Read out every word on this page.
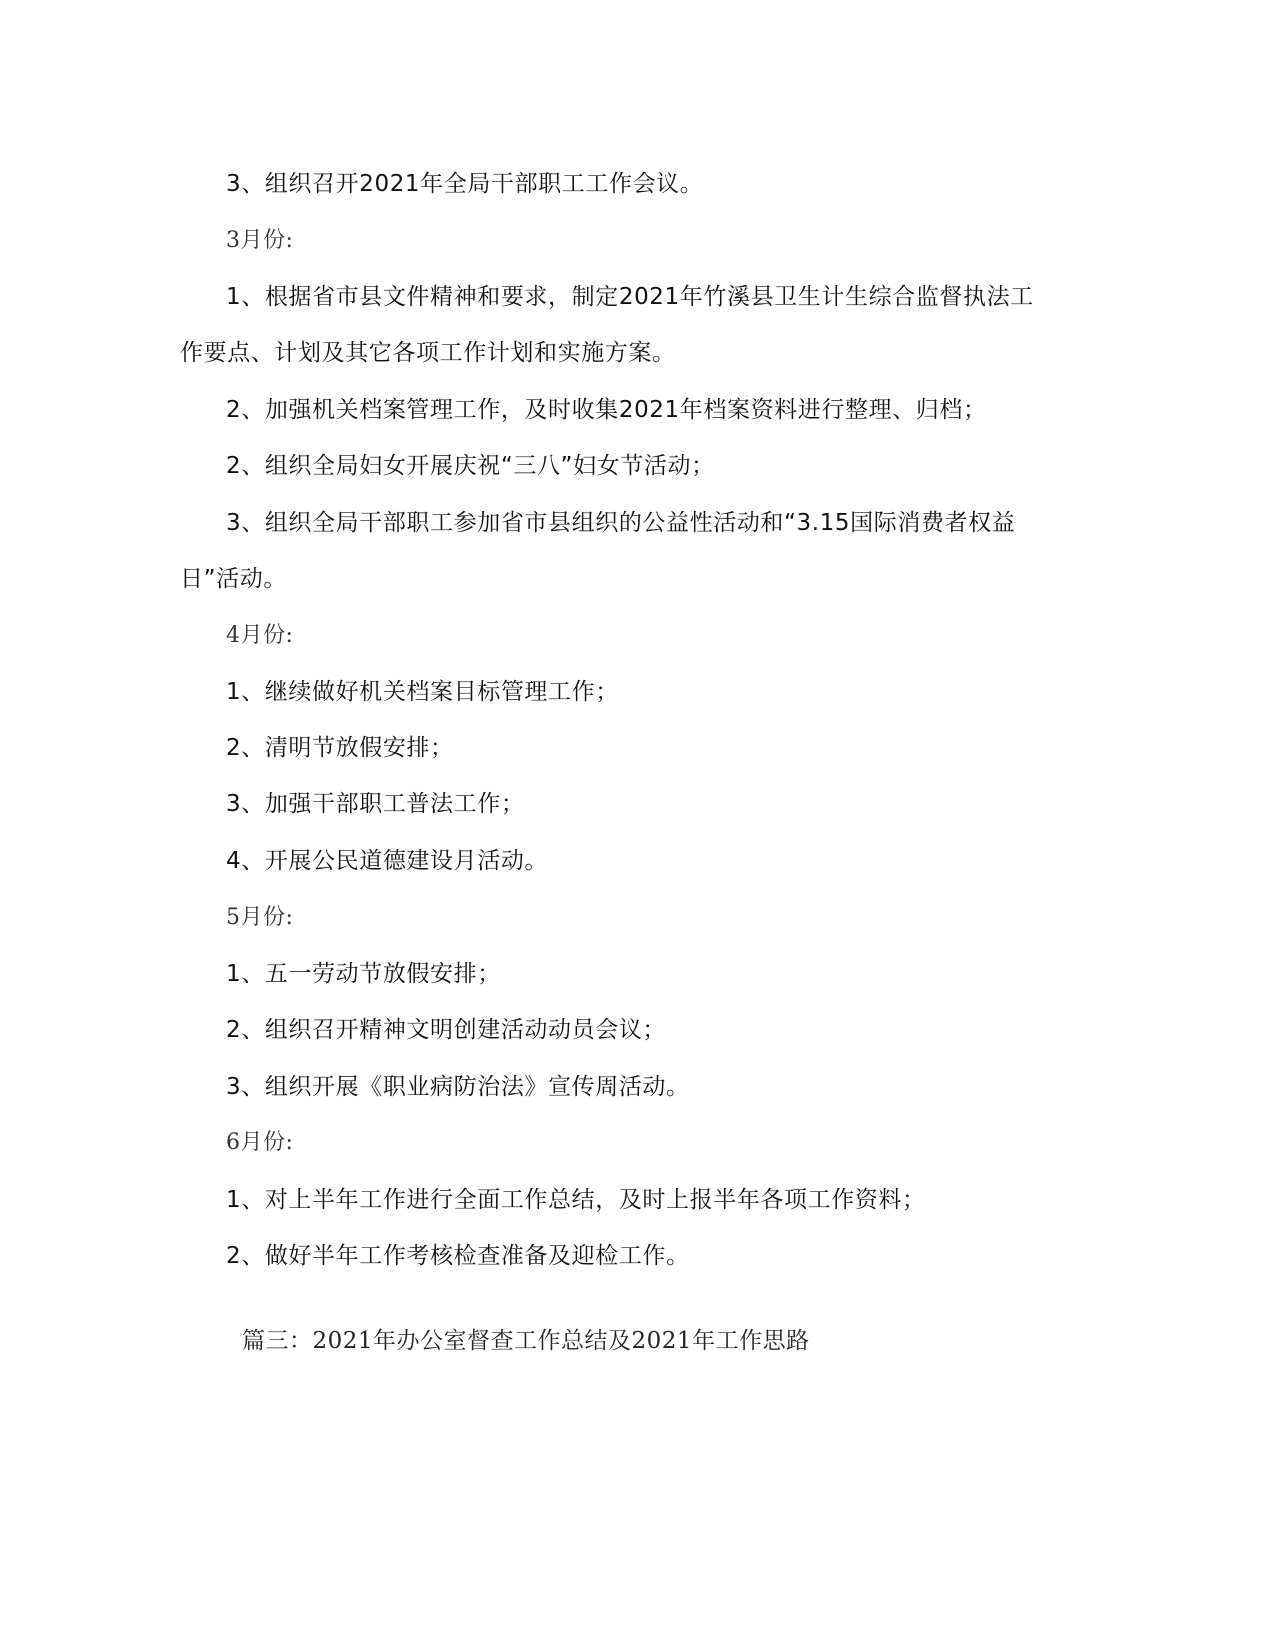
3、组织召开2021年全局干部职工工作会议。
3月份:
1、根据省市县文件精神和要求，制定2021年竹溪县卫生计生综合监督执法工
作要点、计划及其它各项工作计划和实施方案。
2、加强机关档案管理工作，及时收集2021年档案资料进行整理、归档；
2、组织全局妇女开展庆祝“三八”妇女节活动；
3、组织全局干部职工参加省市县组织的公益性活动和“3.15国际消费者权益
日”活动。
4月份:
1、继续做好机关档案目标管理工作；
2、清明节放假安排；
3、加强干部职工普法工作；
4、开展公民道德建设月活动。
5月份:
1、五一劳动节放假安排；
2、组织召开精神文明创建活动动员会议；
3、组织开展《职业病防治法》宣传周活动。
6月份:
1、对上半年工作进行全面工作总结，及时上报半年各项工作资料；
2、做好半年工作考核检查准备及迎检工作。
篇三：2021年办公室督查工作总结及2021年工作思路
